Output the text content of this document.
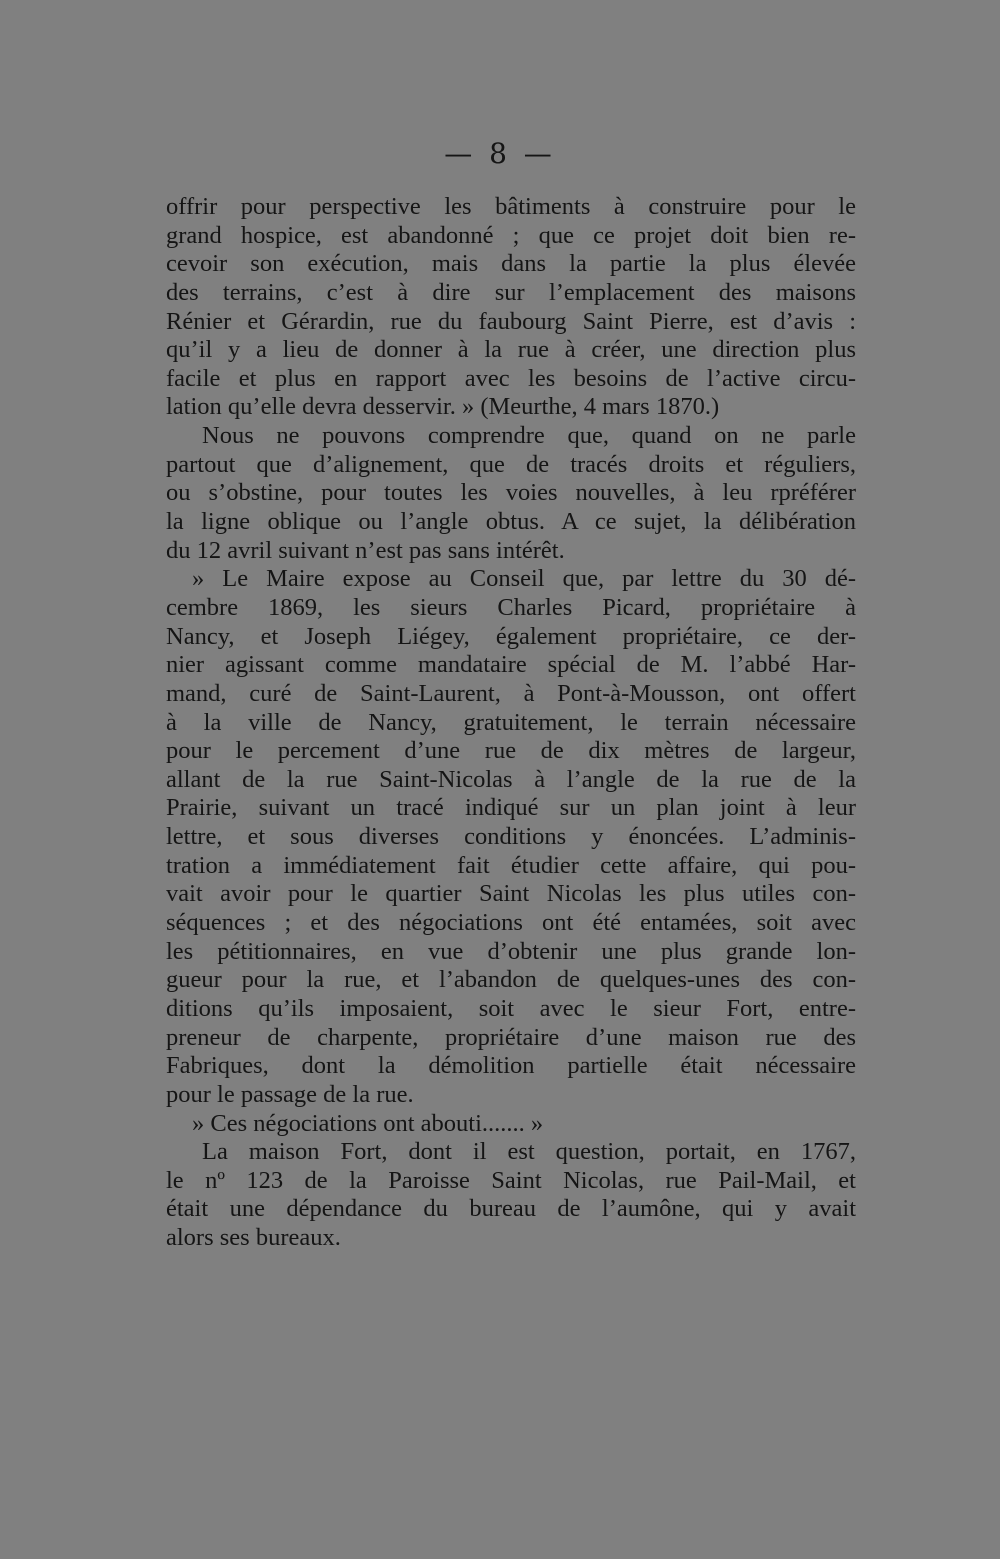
— 8 —
offrir pour perspective les bâtiments à construire pour le
grand hospice, est abandonné ; que ce projet doit bien re-
cevoir son exécution, mais dans la partie la plus élevée
des terrains, c’est à dire sur l’emplacement des maisons
Rénier et Gérardin, rue du faubourg Saint Pierre, est d’avis :
qu’il y a lieu de donner à la rue à créer, une direction plus
facile et plus en rapport avec les besoins de l’active circu-
lation qu’elle devra desservir. » (Meurthe, 4 mars 1870.)
Nous ne pouvons comprendre que, quand on ne parle
partout que d’alignement, que de tracés droits et réguliers,
ou s’obstine, pour toutes les voies nouvelles, à leu rpréférer
la ligne oblique ou l’angle obtus. A ce sujet, la délibération
du 12 avril suivant n’est pas sans intérêt.
» Le Maire expose au Conseil que, par lettre du 30 dé-
cembre 1869, les sieurs Charles Picard, propriétaire à
Nancy, et Joseph Liégey, également propriétaire, ce der-
nier agissant comme mandataire spécial de M. l’abbé Har-
mand, curé de Saint-Laurent, à Pont-à-Mousson, ont offert
à la ville de Nancy, gratuitement, le terrain nécessaire
pour le percement d’une rue de dix mètres de largeur,
allant de la rue Saint-Nicolas à l’angle de la rue de la
Prairie, suivant un tracé indiqué sur un plan joint à leur
lettre, et sous diverses conditions y énoncées. L’adminis-
tration a immédiatement fait étudier cette affaire, qui pou-
vait avoir pour le quartier Saint Nicolas les plus utiles con-
séquences ; et des négociations ont été entamées, soit avec
les pétitionnaires, en vue d’obtenir une plus grande lon-
gueur pour la rue, et l’abandon de quelques-unes des con-
ditions qu’ils imposaient, soit avec le sieur Fort, entre-
preneur de charpente, propriétaire d’une maison rue des
Fabriques, dont la démolition partielle était nécessaire
pour le passage de la rue.
» Ces négociations ont abouti....... »
La maison Fort, dont il est question, portait, en 1767,
le nº 123 de la Paroisse Saint Nicolas, rue Pail-Mail, et
était une dépendance du bureau de l’aumône, qui y avait
alors ses bureaux.
